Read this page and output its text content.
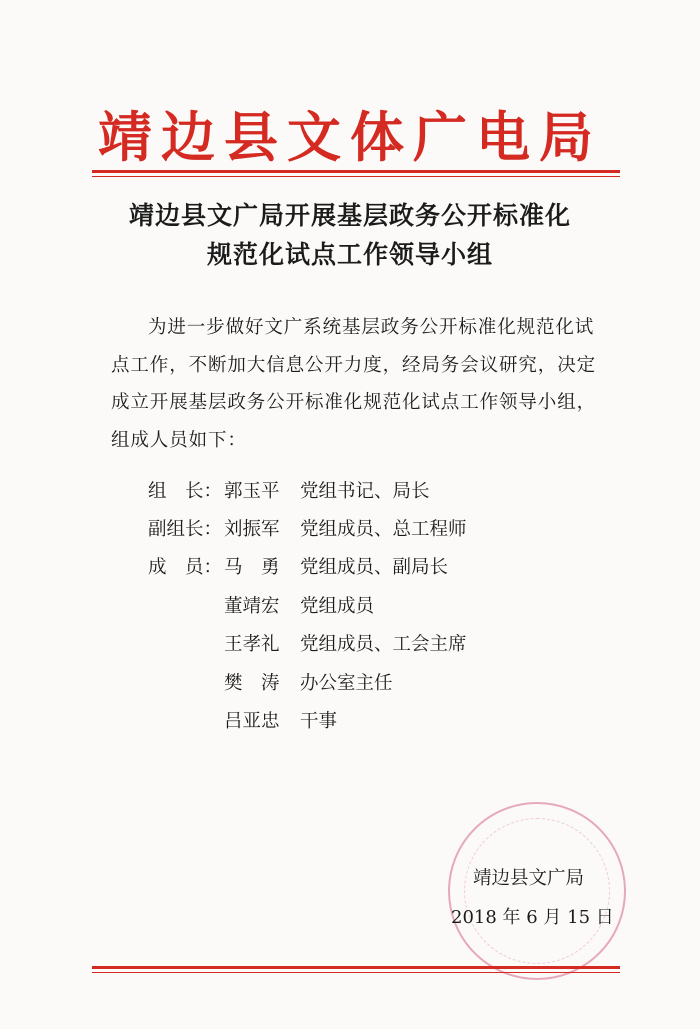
靖边县文体广电局
靖边县文广局开展基层政务公开标准化
规范化试点工作领导小组
为进一步做好文广系统基层政务公开标准化规范化试点工作，不断加大信息公开力度，经局务会议研究，决定成立开展基层政务公开标准化规范化试点工作领导小组，组成人员如下：
组　长： 郭玉平	党组书记、局长
副组长： 刘振军	党组成员、总工程师
成　员： 马　勇	党组成员、副局长
董靖宏	党组成员
王孝礼	党组成员、工会主席
樊　涛	办公室主任
吕亚忠	干事
靖边县文广局
2018 年 6 月 15 日
